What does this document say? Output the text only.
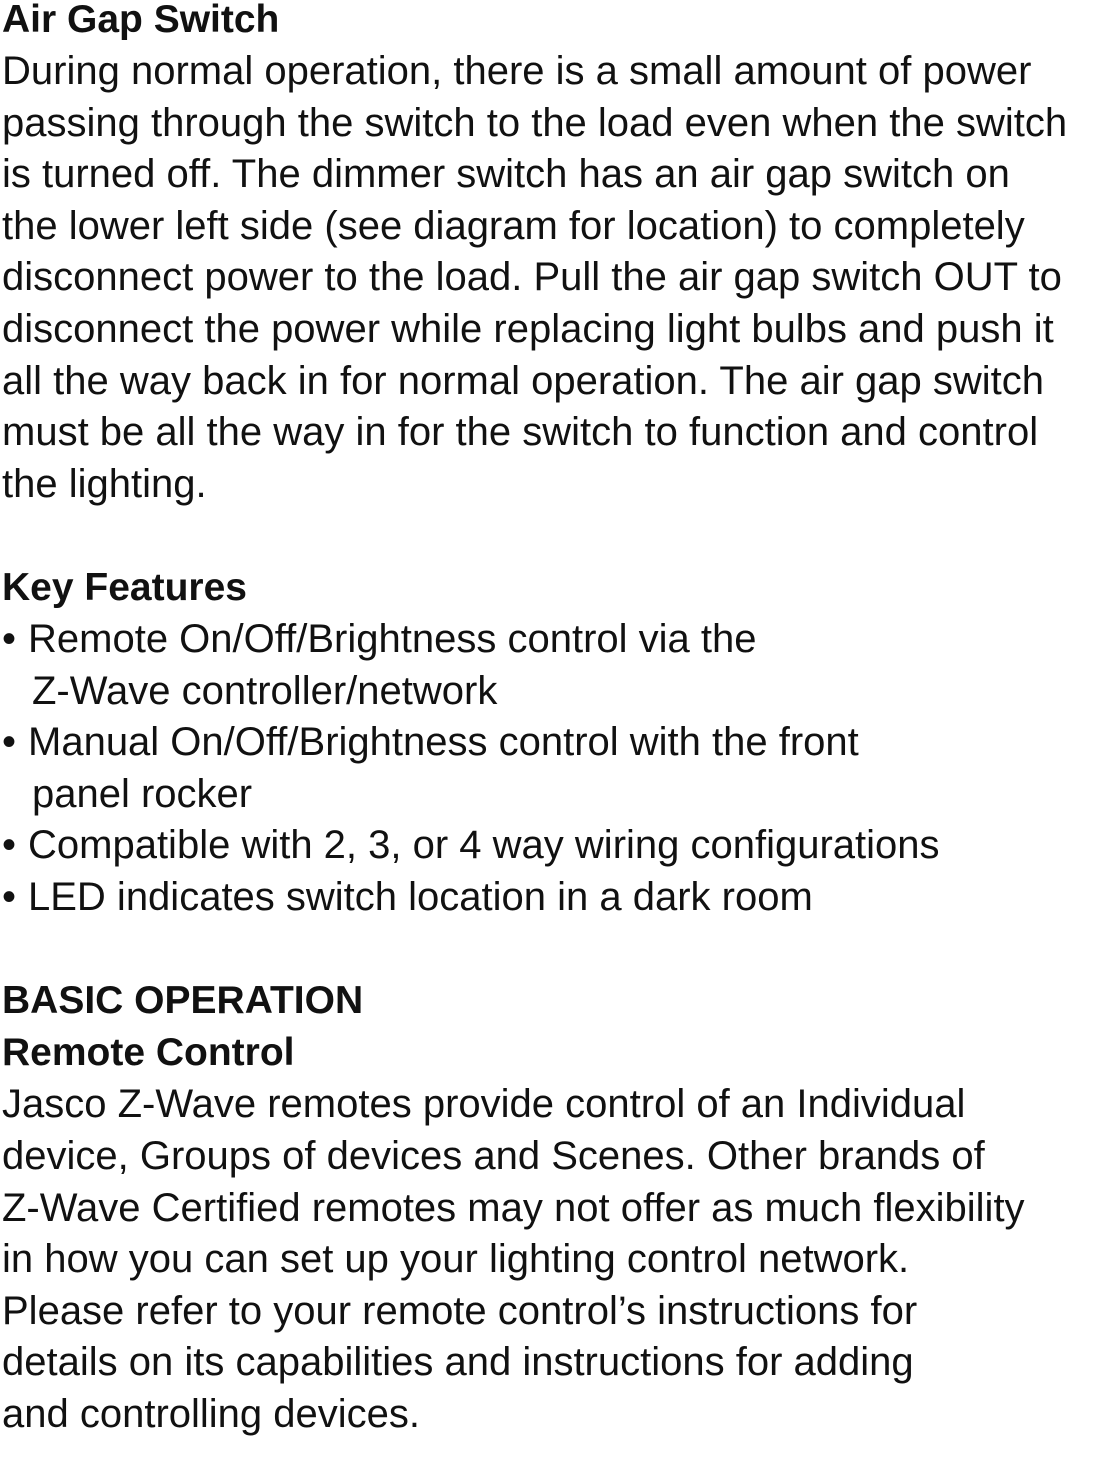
Air Gap Switch

During normal operation, there is a small amount of power

passing through the switch to the load even when the switch

is turned off. The dimmer switch has an air gap switch on

the lower left side (see diagram for location) to completely

disconnect power to the load. Pull the air gap switch OUT to

disconnect the power while replacing light bulbs and push it

all the way back in for normal operation. The air gap switch

must be all the way in for the switch to function and control

the lighting.

Key Features
• Remote On/Off/Brightness control via the
Z-Wave controller/network
• Manual On/Off/Brightness control with the front
panel rocker
• Compatible with 2, 3, or 4 way wiring configurations
• LED indicates switch location in a dark room
BASIC OPERATION
Remote Control

Jasco Z-Wave remotes provide control of an Individual

device, Groups of devices and Scenes. Other brands of

Z-Wave Certified remotes may not offer as much flexibility

in how you can set up your lighting control network.

Please refer to your remote control’s instructions for

details on its capabilities and instructions for adding

and controlling devices.
